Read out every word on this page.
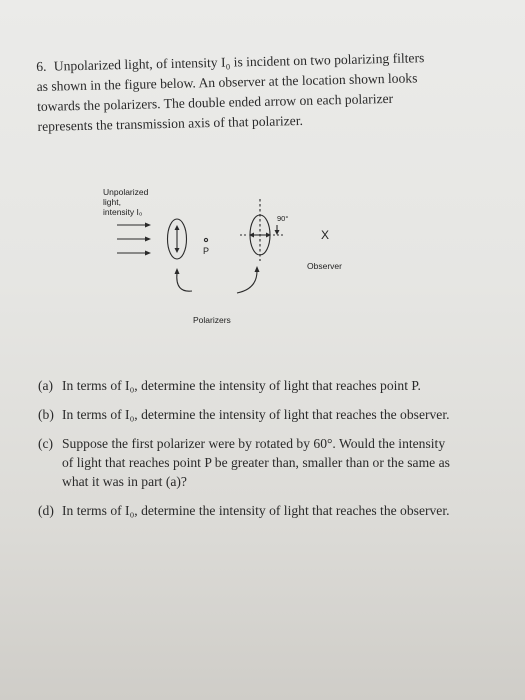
6. Unpolarized light, of intensity I₀ is incident on two polarizing filters as shown in the figure below. An observer at the location shown looks towards the polarizers. The double ended arrow on each polarizer represents the transmission axis of that polarizer.
Unpolarized
light,
intensity I₀
P
90°
X
Observer
Polarizers
(a) In terms of I₀, determine the intensity of light that reaches point P.
(b) In terms of I₀, determine the intensity of light that reaches the observer.
(c) Suppose the first polarizer were by rotated by 60°. Would the intensity of light that reaches point P be greater than, smaller than or the same as what it was in part (a)?
(d) In terms of I₀, determine the intensity of light that reaches the observer.
